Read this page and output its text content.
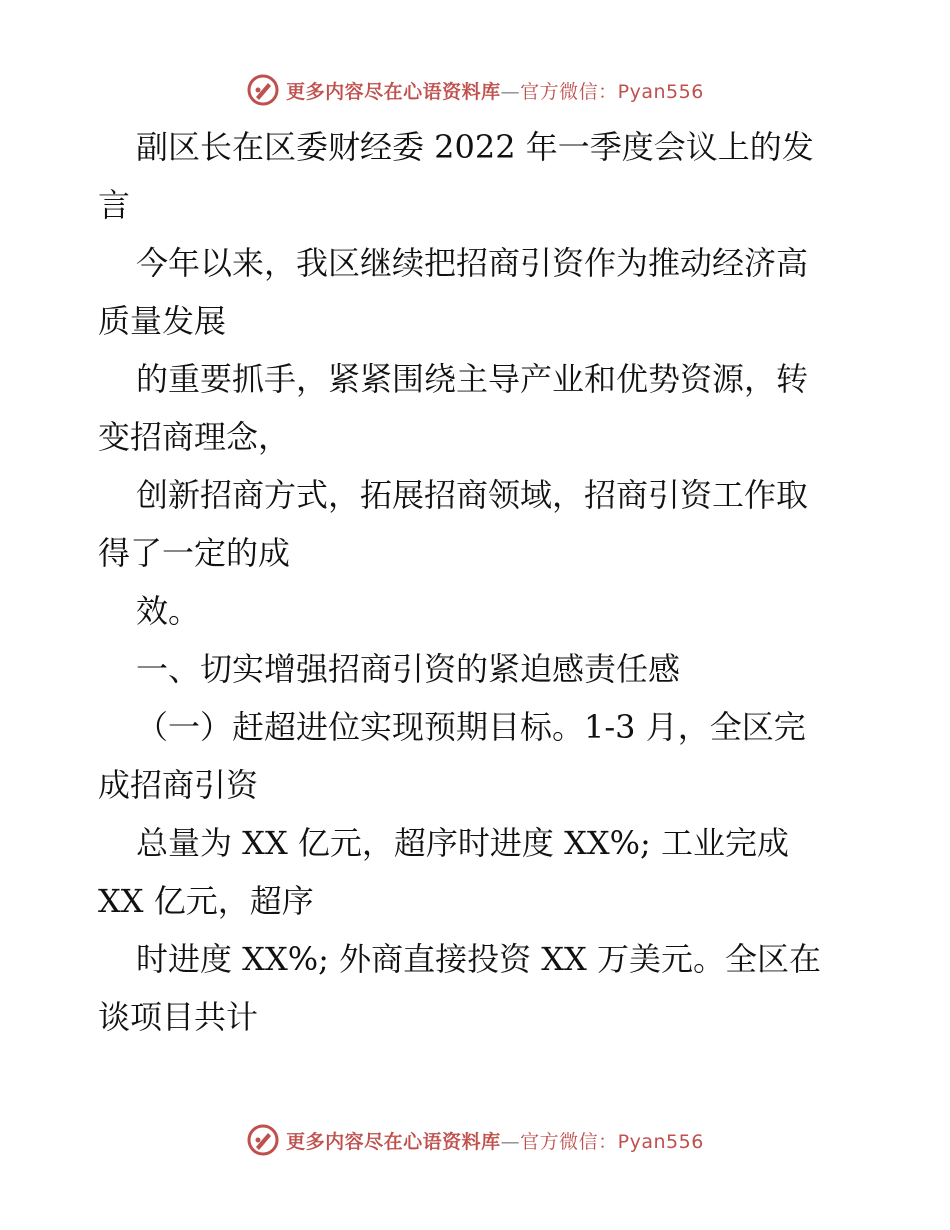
更多内容尽在心语资料库—官方微信：Pyan556
副区长在区委财经委 2022 年一季度会议上的发
言
今年以来，我区继续把招商引资作为推动经济高
质量发展
的重要抓手，紧紧围绕主导产业和优势资源，转
变招商理念，
创新招商方式，拓展招商领域，招商引资工作取
得了一定的成
效。
一、切实增强招商引资的紧迫感责任感
（一）赶超进位实现预期目标。1-3 月，全区完
成招商引资
总量为 XX 亿元，超序时进度 XX%; 工业完成
XX 亿元，超序
时进度 XX%; 外商直接投资 XX 万美元。全区在
谈项目共计
更多内容尽在心语资料库—官方微信：Pyan556
